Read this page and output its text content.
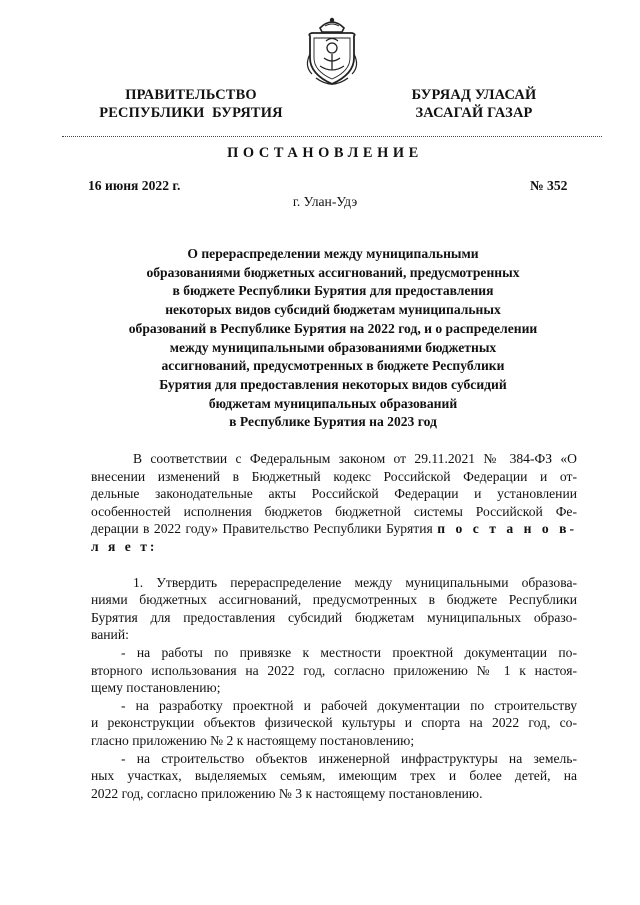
ПРАВИТЕЛЬСТВО
РЕСПУБЛИКИ  БУРЯТИЯ
БУРЯАД УЛАСАЙ
ЗАСАГАЙ ГАЗАР
ПОСТАНОВЛЕНИЕ
16 июня 2022 г.	№ 352
г. Улан-Удэ
О перераспределении между муниципальными
образованиями бюджетных ассигнований, предусмотренных
в бюджете Республики Бурятия для предоставления
некоторых видов субсидий бюджетам муниципальных
образований в Республике Бурятия на 2022 год, и о распределении
между муниципальными образованиями бюджетных
ассигнований, предусмотренных в бюджете Республики
Бурятия для предоставления некоторых видов субсидий
бюджетам муниципальных образований
в Республике Бурятия на 2023 год
В соответствии с Федеральным законом от 29.11.2021 № 384-ФЗ «О
внесении изменений в Бюджетный кодекс Российской Федерации и от-
дельные законодательные акты Российской Федерации и установлении
особенностей исполнения бюджетов бюджетной системы Российской Фе-
дерации в 2022 году» Правительство Республики Бурятия п о с т а н о в-
л я е т:
1. Утвердить перераспределение между муниципальными образова-
ниями бюджетных ассигнований, предусмотренных в бюджете Республики
Бурятия для предоставления субсидий бюджетам муниципальных образо-
ваний:
- на работы по привязке к местности проектной документации по-
вторного использования на 2022 год, согласно приложению № 1 к настоя-
щему постановлению;
- на разработку проектной и рабочей документации по строительству
и реконструкции объектов физической культуры и спорта на 2022 год, со-
гласно приложению № 2 к настоящему постановлению;
- на строительство объектов инженерной инфраструктуры на земель-
ных участках, выделяемых семьям, имеющим трех и более детей, на
2022 год, согласно приложению № 3 к настоящему постановлению.
